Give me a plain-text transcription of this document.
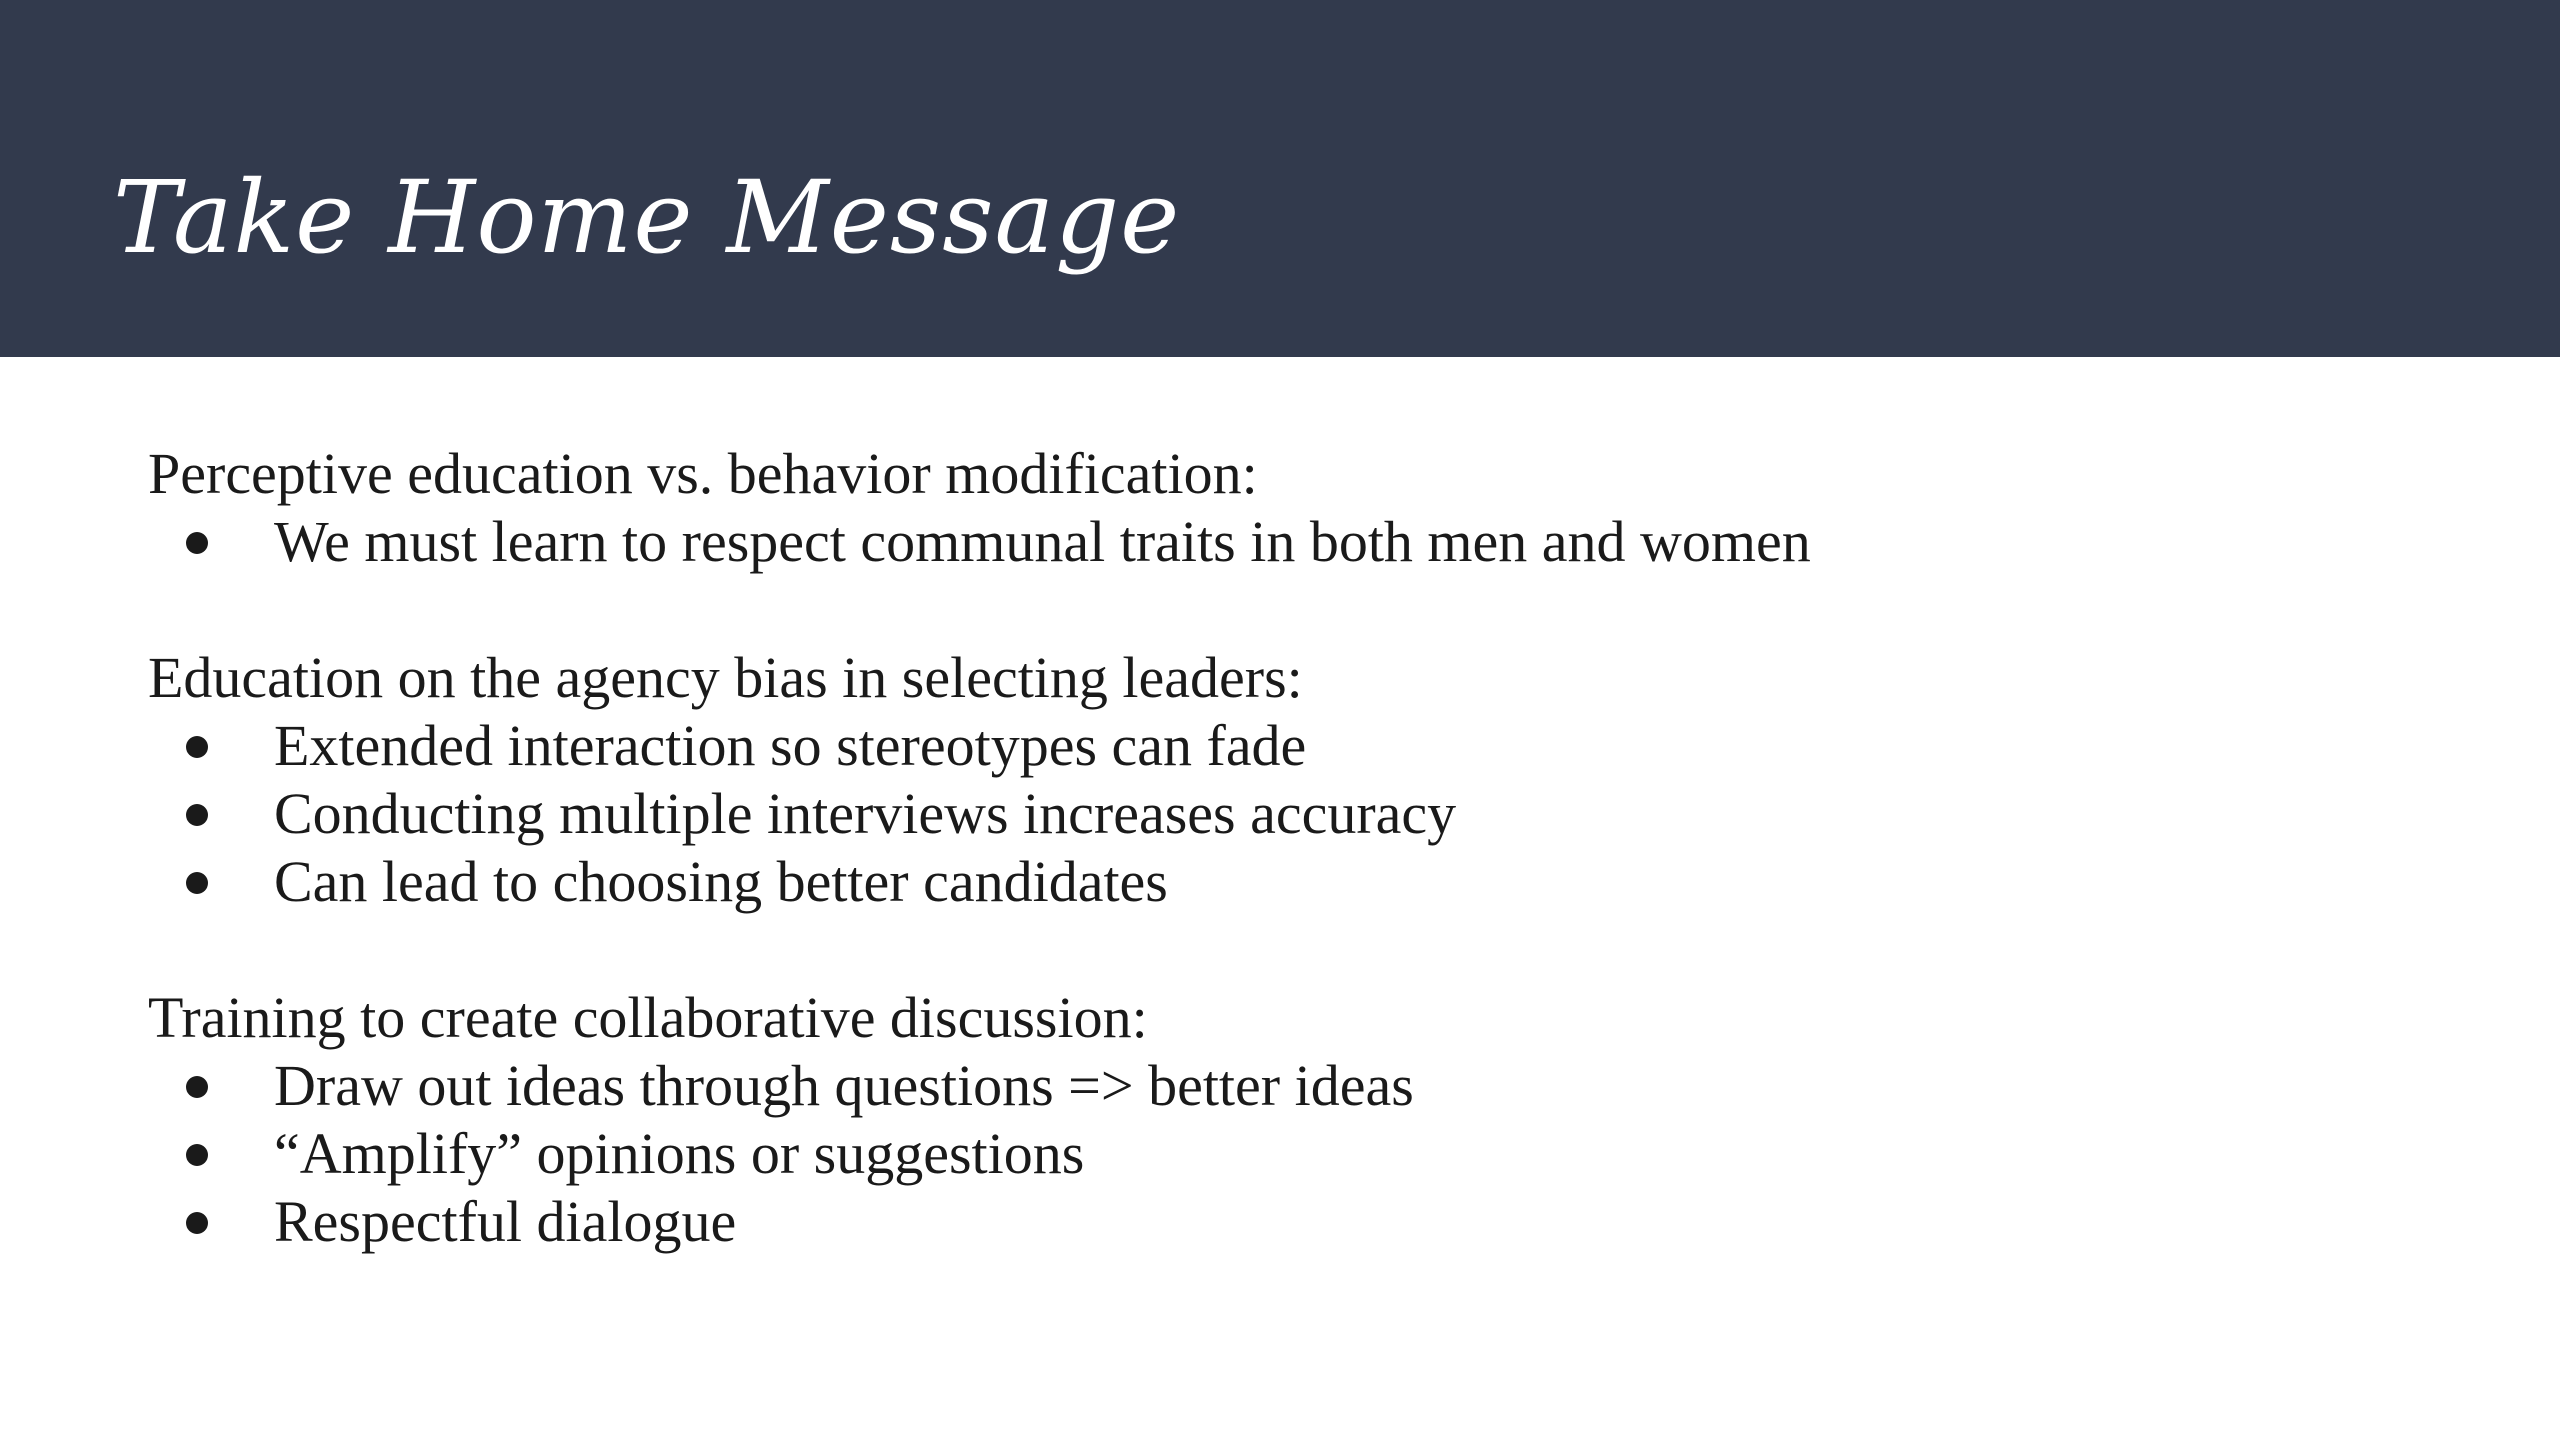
Take Home Message

Perceptive education vs. behavior modification:

We must learn to respect communal traits in both men and women

Education on the agency bias in selecting leaders:

Extended interaction so stereotypes can fade
Conducting multiple interviews increases accuracy
Can lead to choosing better candidates

Training to create collaborative discussion:

Draw out ideas through questions => better ideas
“Amplify” opinions or suggestions
Respectful dialogue
